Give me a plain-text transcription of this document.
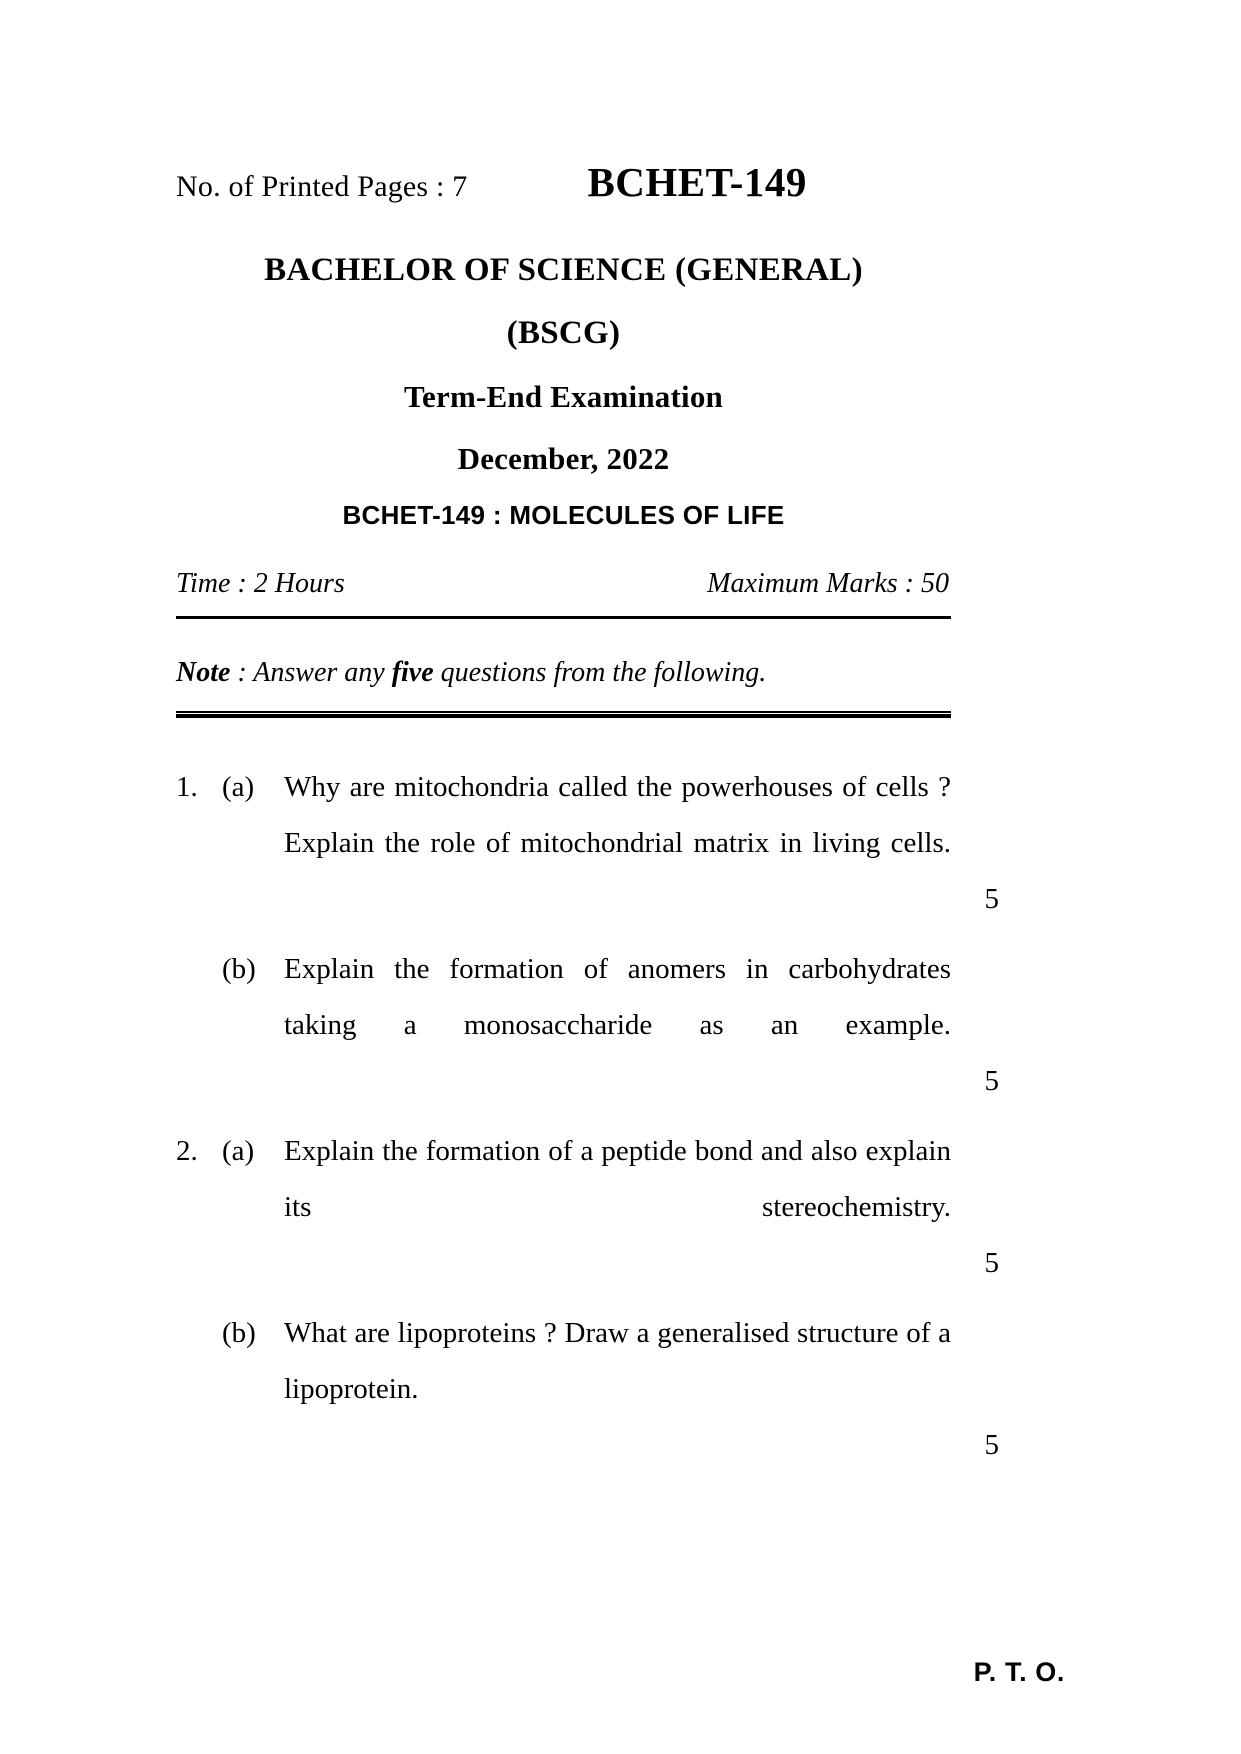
No. of Printed Pages : 7	BCHET-149
BACHELOR OF SCIENCE (GENERAL)
(BSCG)
Term-End Examination
December, 2022
BCHET-149 : MOLECULES OF LIFE
Time : 2 Hours	Maximum Marks : 50
Note : Answer any five questions from the following.
1. (a)	Why are mitochondria called the powerhouses of cells ? Explain the role of mitochondrial matrix in living cells.

5
(b) Explain the formation of anomers in carbohydrates taking a monosaccharide as an example.

5
2. (a)	Explain the formation of a peptide bond and also explain its stereochemistry.

5
(b) What are lipoproteins ? Draw a generalised structure of a lipoprotein.

5
P. T. O.
